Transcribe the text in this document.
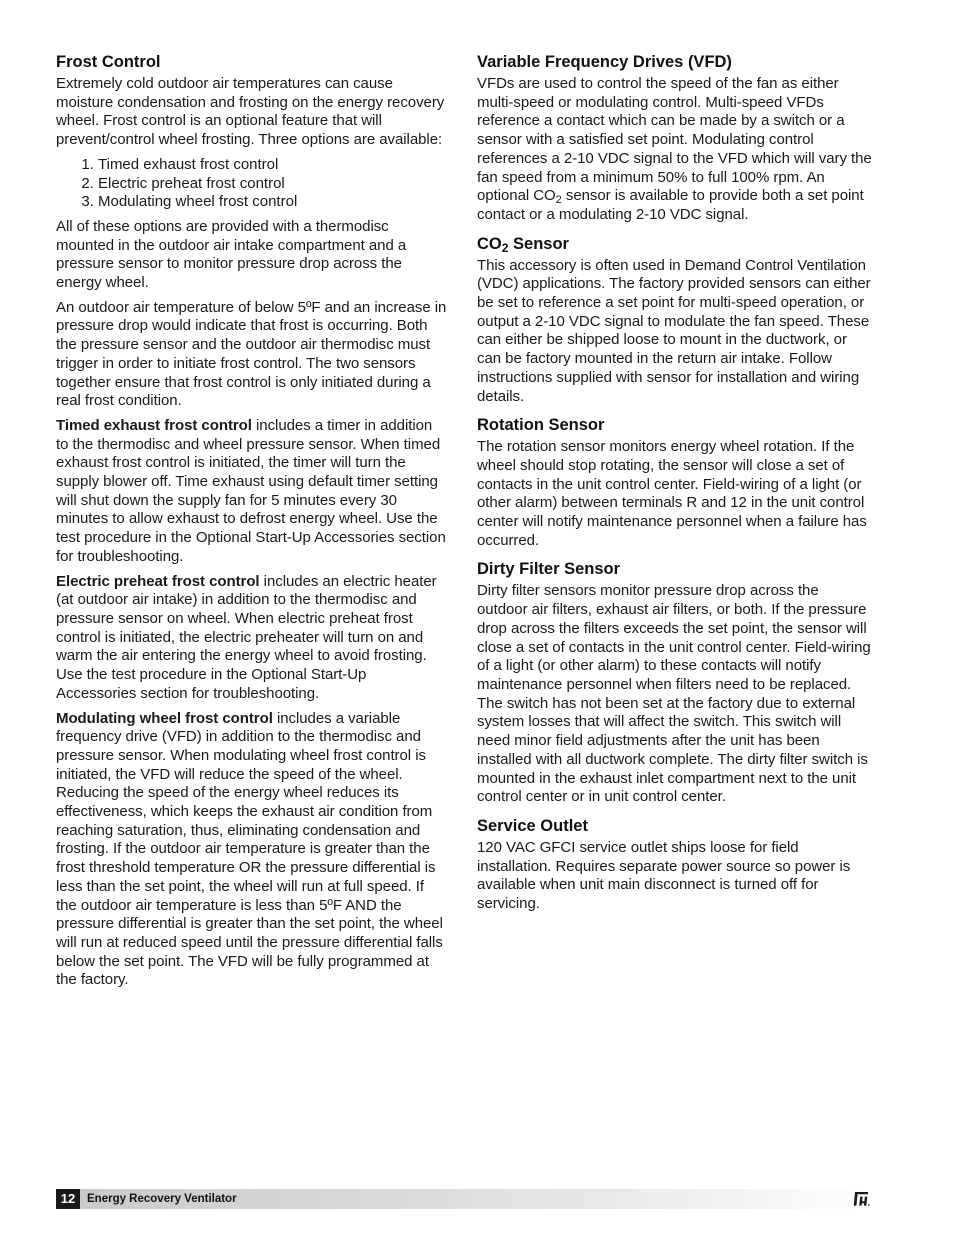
Frost Control

Extremely cold outdoor air temperatures can cause moisture condensation and frosting on the energy recovery wheel. Frost control is an optional feature that will prevent/control wheel frosting. Three options are available:

1. Timed exhaust frost control
2. Electric preheat frost control
3. Modulating wheel frost control

All of these options are provided with a thermodisc mounted in the outdoor air intake compartment and a pressure sensor to monitor pressure drop across the energy wheel.

An outdoor air temperature of below 5ºF and an increase in pressure drop would indicate that frost is occurring. Both the pressure sensor and the outdoor air thermodisc must trigger in order to initiate frost control. The two sensors together ensure that frost control is only initiated during a real frost condition.

Timed exhaust frost control includes a timer in addition to the thermodisc and wheel pressure sensor. When timed exhaust frost control is initiated, the timer will turn the supply blower off. Time exhaust using default timer setting will shut down the supply fan for 5 minutes every 30 minutes to allow exhaust to defrost energy wheel. Use the test procedure in the Optional Start-Up Accessories section for troubleshooting.

Electric preheat frost control includes an electric heater (at outdoor air intake) in addition to the thermodisc and pressure sensor on wheel. When electric preheat frost control is initiated, the electric preheater will turn on and warm the air entering the energy wheel to avoid frosting. Use the test procedure in the Optional Start-Up Accessories section for troubleshooting.

Modulating wheel frost control includes a variable frequency drive (VFD) in addition to the thermodisc and pressure sensor. When modulating wheel frost control is initiated, the VFD will reduce the speed of the wheel. Reducing the speed of the energy wheel reduces its effectiveness, which keeps the exhaust air condition from reaching saturation, thus, eliminating condensation and frosting. If the outdoor air temperature is greater than the frost threshold temperature OR the pressure differential is less than the set point, the wheel will run at full speed. If the outdoor air temperature is less than 5ºF AND the pressure differential is greater than the set point, the wheel will run at reduced speed until the pressure differential falls below the set point. The VFD will be fully programmed at the factory.

Variable Frequency Drives (VFD)

VFDs are used to control the speed of the fan as either multi-speed or modulating control. Multi-speed VFDs reference a contact which can be made by a switch or a sensor with a satisfied set point. Modulating control references a 2-10 VDC signal to the VFD which will vary the fan speed from a minimum 50% to full 100% rpm. An optional $CO_2$ sensor is available to provide both a set point contact or a modulating 2-10 VDC signal.

$CO_2$ Sensor

This accessory is often used in Demand Control Ventilation (VDC) applications. The factory provided sensors can either be set to reference a set point for multi-speed operation, or output a 2-10 VDC signal to modulate the fan speed. These can either be shipped loose to mount in the ductwork, or can be factory mounted in the return air intake. Follow instructions supplied with sensor for installation and wiring details.

Rotation Sensor

The rotation sensor monitors energy wheel rotation. If the wheel should stop rotating, the sensor will close a set of contacts in the unit control center. Field-wiring of a light (or other alarm) between terminals R and 12 in the unit control center will notify maintenance personnel when a failure has occurred.

Dirty Filter Sensor

Dirty filter sensors monitor pressure drop across the outdoor air filters, exhaust air filters, or both. If the pressure drop across the filters exceeds the set point, the sensor will close a set of contacts in the unit control center. Field-wiring of a light (or other alarm) to these contacts will notify maintenance personnel when filters need to be replaced. The switch has not been set at the factory due to external system losses that will affect the switch. This switch will need minor field adjustments after the unit has been installed with all ductwork complete. The dirty filter switch is mounted in the exhaust inlet compartment next to the unit control center or in unit control center.

Service Outlet

120 VAC GFCI service outlet ships loose for field installation. Requires separate power source so power is available when unit main disconnect is turned off for servicing.

12	Energy Recovery Ventilator
